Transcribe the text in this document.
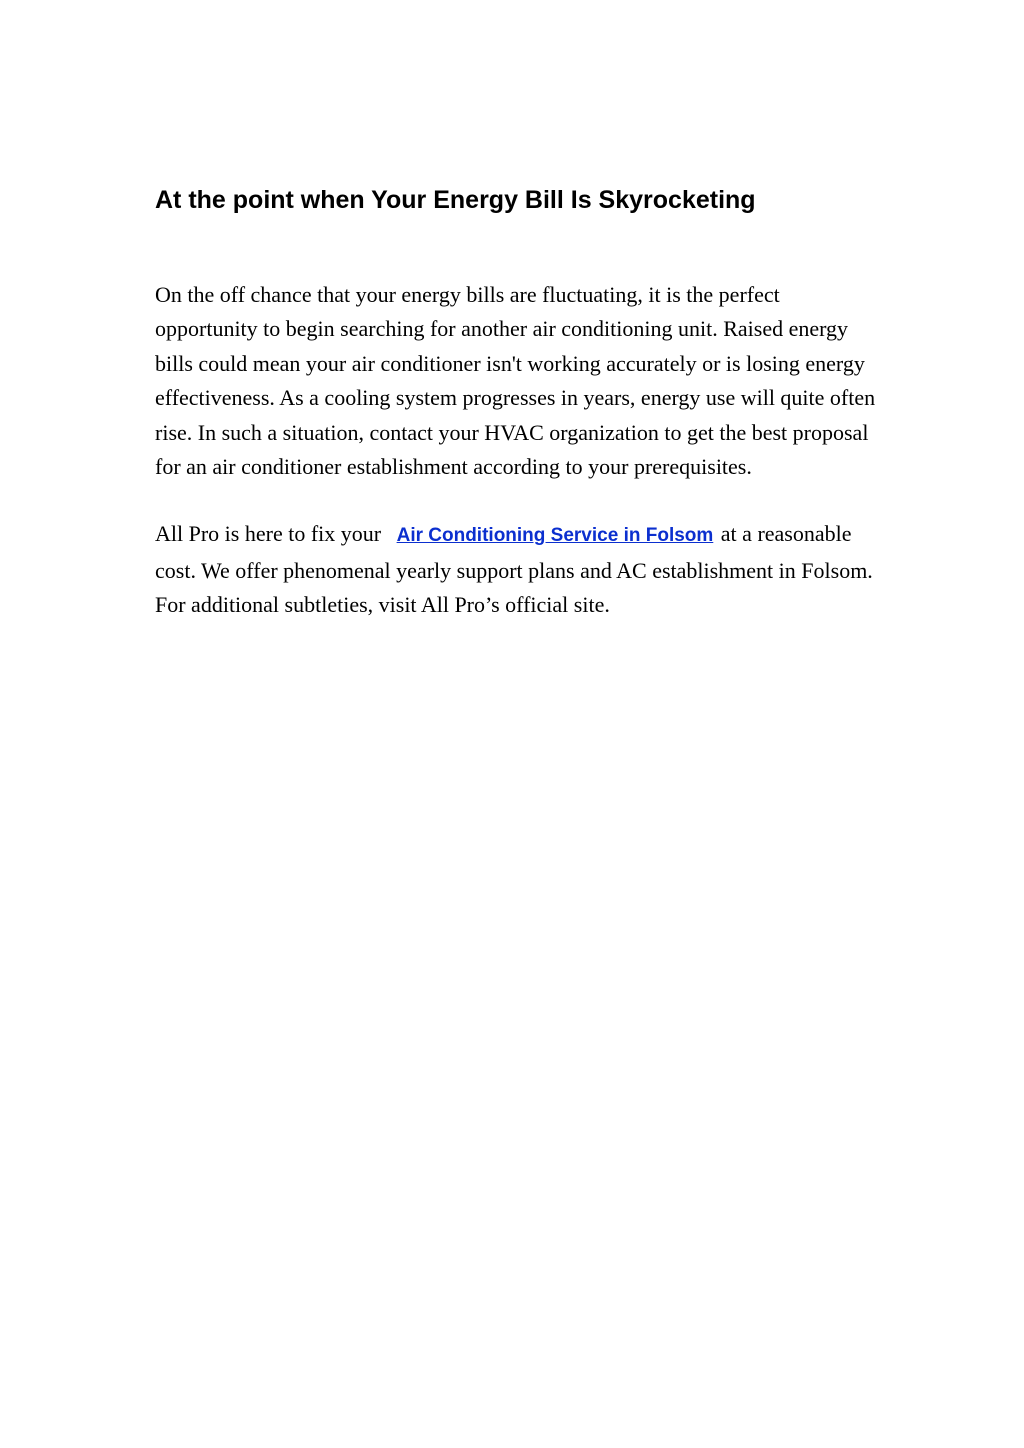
At the point when Your Energy Bill Is Skyrocketing

On the off chance that your energy bills are fluctuating, it is the perfect opportunity to begin searching for another air conditioning unit. Raised energy bills could mean your air conditioner isn't working accurately or is losing energy effectiveness. As a cooling system progresses in years, energy use will quite often rise. In such a situation, contact your HVAC organization to get the best proposal for an air conditioner establishment according to your prerequisites.

All Pro is here to fix your Air Conditioning Service in Folsom at a reasonable cost. We offer phenomenal yearly support plans and AC establishment in Folsom. For additional subtleties, visit All Pro’s official site.
